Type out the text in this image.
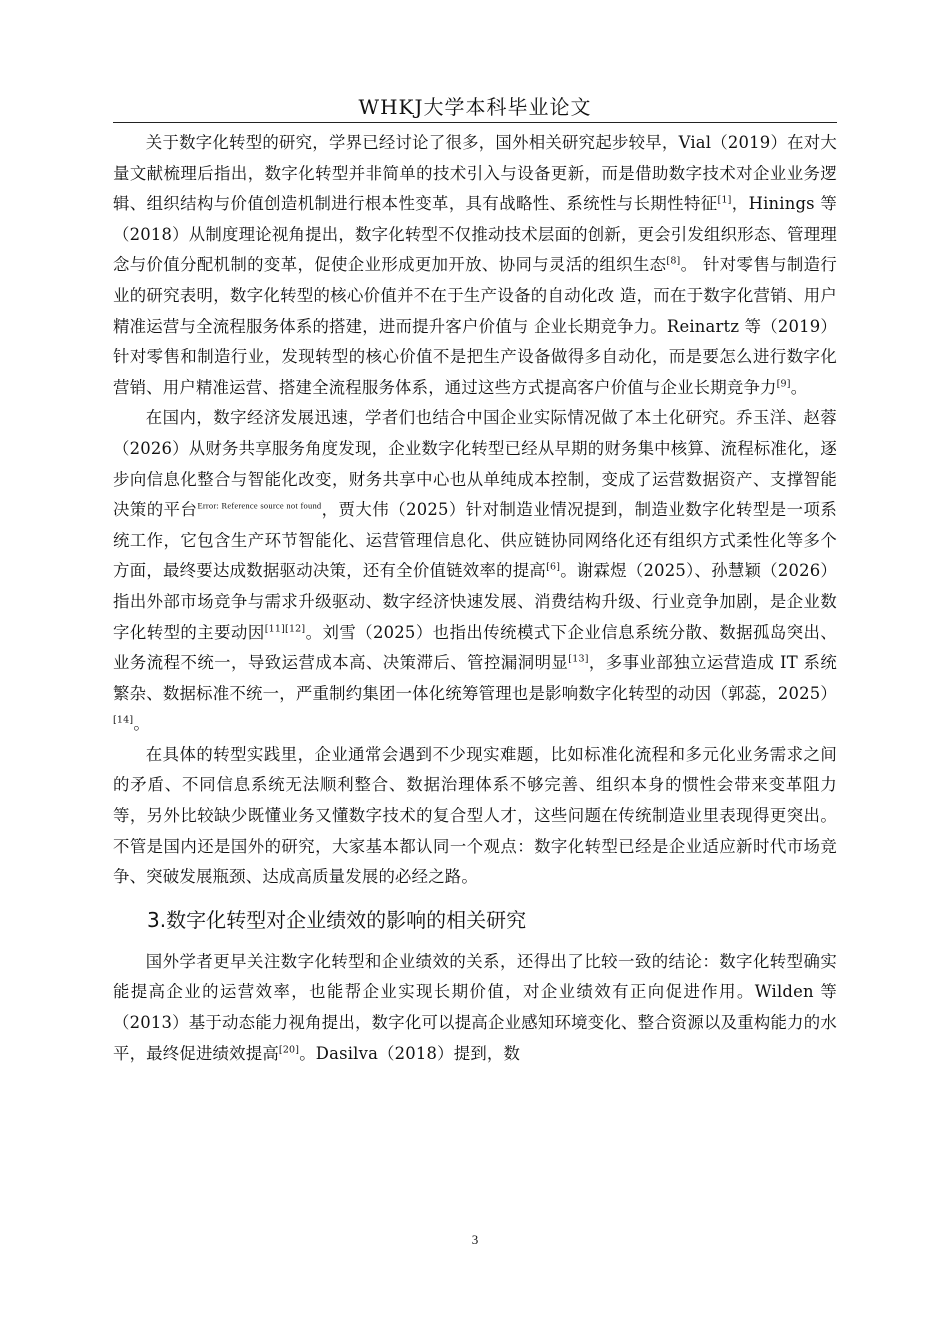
WHKJ大学本科毕业论文

关于数字化转型的研究，学界已经讨论了很多，国外相关研究起步较早，Vial（2019）在对大量文献梳理后指出，数字化转型并非简单的技术引入与设备更新，而是借助数字技术对企业业务逻辑、组织结构与价值创造机制进行根本性变革，具有战略性、系统性与长期性特征[1]，Hinings 等（2018）从制度理论视角提出，数字化转型不仅推动技术层面的创新，更会引发组织形态、管理理念与价值分配机制的变革，促使企业形成更加开放、协同与灵活的组织生态[8]。 针对零售与制造行业的研究表明，数字化转型的核心价值并不在于生产设备的自动化改 造，而在于数字化营销、用户精准运营与全流程服务体系的搭建，进而提升客户价值与 企业长期竞争力。Reinartz 等（2019）针对零售和制造行业，发现转型的核心价值不是把生产设备做得多自动化，而是要怎么进行数字化营销、用户精准运营、搭建全流程服务体系，通过这些方式提高客户价值与企业长期竞争力[9]。

在国内，数字经济发展迅速，学者们也结合中国企业实际情况做了本土化研究。乔玉洋、赵蓉（2026）从财务共享服务角度发现，企业数字化转型已经从早期的财务集中核算、流程标准化，逐步向信息化整合与智能化改变，财务共享中心也从单纯成本控制，变成了运营数据资产、支撑智能决策的平台$^{Error: Reference source not found}$，贾大伟（2025）针对制造业情况提到，制造业数字化转型是一项系统工作，它包含生产环节智能化、运营管理信息化、供应链协同网络化还有组织方式柔性化等多个方面，最终要达成数据驱动决策，还有全价值链效率的提高[6]。谢霖煜（2025）、孙慧颖（2026）指出外部市场竞争与需求升级驱动、数字经济快速发展、消费结构升级、行业竞争加剧，是企业数字化转型的主要动因[11][12]。刘雪（2025）也指出传统模式下企业信息系统分散、数据孤岛突出、业务流程不统一，导致运营成本高、决策滞后、管控漏洞明显[13]，多事业部独立运营造成 IT 系统繁杂、数据标准不统一，严重制约集团一体化统筹管理也是影响数字化转型的动因（郭蕊，2025）[14]。

在具体的转型实践里，企业通常会遇到不少现实难题，比如标准化流程和多元化业务需求之间的矛盾、不同信息系统无法顺利整合、数据治理体系不够完善、组织本身的惯性会带来变革阻力等，另外比较缺少既懂业务又懂数字技术的复合型人才，这些问题在传统制造业里表现得更突出。不管是国内还是国外的研究，大家基本都认同一个观点：数字化转型已经是企业适应新时代市场竞争、突破发展瓶颈、达成高质量发展的必经之路。

3.数字化转型对企业绩效的影响的相关研究

国外学者更早关注数字化转型和企业绩效的关系，还得出了比较一致的结论：数字化转型确实能提高企业的运营效率，也能帮企业实现长期价值，对企业绩效有正向促进作用。Wilden 等（2013）基于动态能力视角提出，数字化可以提高企业感知环境变化、整合资源以及重构能力的水平，最终促进绩效提高[20]。Dasilva（2018）提到，数

3
